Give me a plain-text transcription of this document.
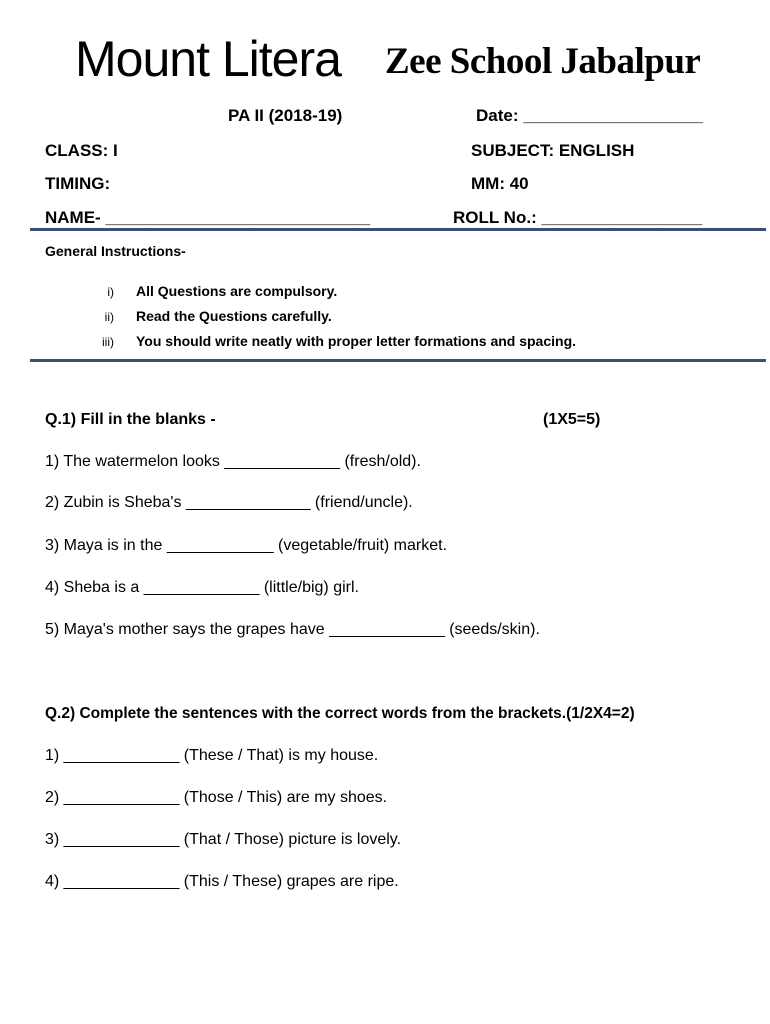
Mount Litera Zee School Jabalpur
PA II (2018-19)	Date: ___________________
CLASS: I	SUBJECT: ENGLISH
TIMING:	MM: 40
NAME- ____________________________	ROLL No.: _________________
General Instructions-
i) All Questions are compulsory.
ii) Read the Questions carefully.
iii) You should write neatly with proper letter formations and spacing.
Q.1) Fill in the blanks -	(1X5=5)
1) The watermelon looks _____________ (fresh/old).
2) Zubin is Sheba's ______________ (friend/uncle).
3) Maya is in the ____________ (vegetable/fruit) market.
4) Sheba is a _____________ (little/big) girl.
5) Maya's mother says the grapes have _____________ (seeds/skin).
Q.2) Complete the sentences with the correct words from the brackets.(1/2X4=2)
1) _____________ (These / That) is my house.
2) _____________ (Those / This) are my shoes.
3) _____________ (That / Those) picture is lovely.
4) _____________ (This / These) grapes are ripe.
